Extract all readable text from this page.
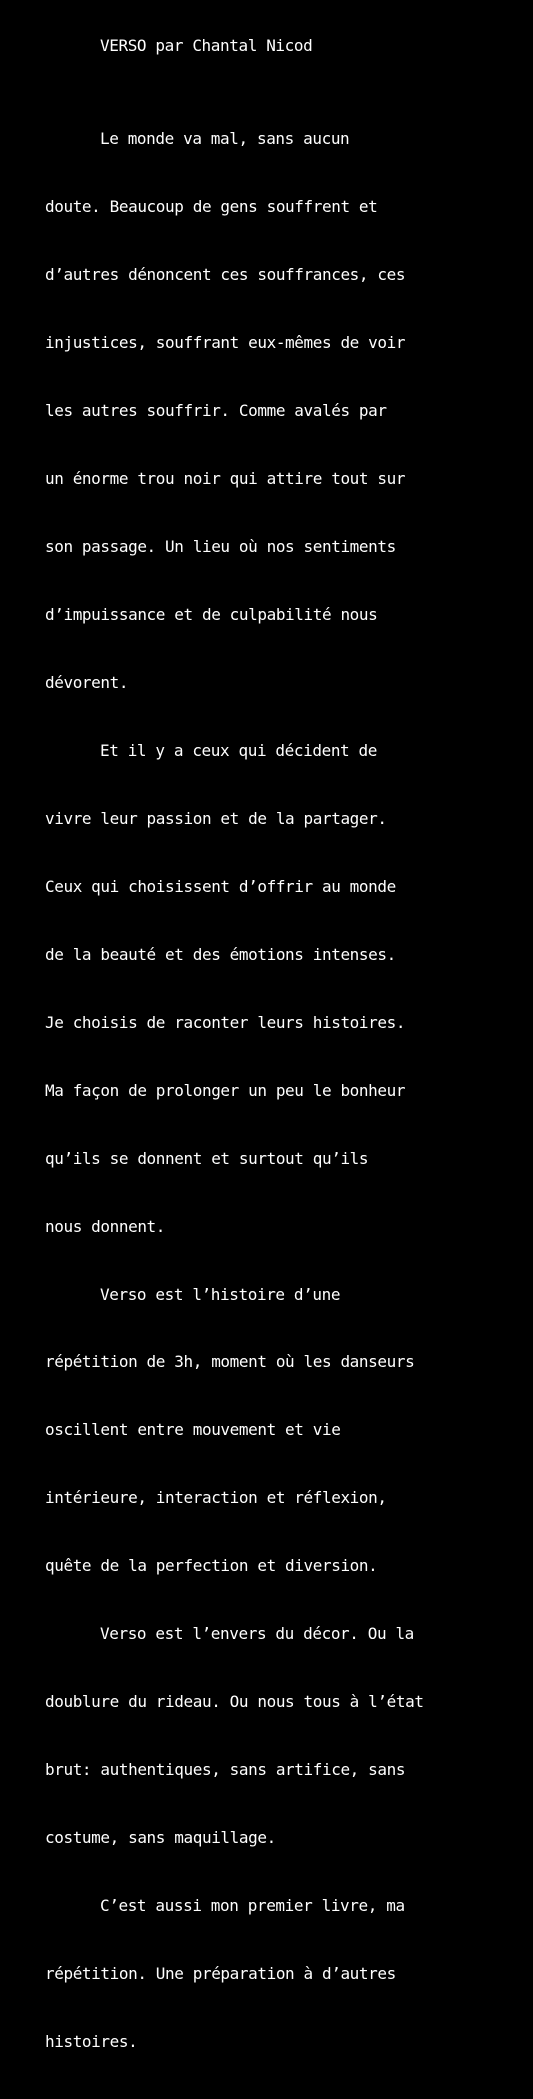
VERSO par Chantal Nicod

Le monde va mal, sans aucun

doute. Beaucoup de gens souffrent et

d’autres dénoncent ces souffrances, ces

injustices, souffrant eux-mêmes de voir

les autres souffrir. Comme avalés par

un énorme trou noir qui attire tout sur

son passage. Un lieu où nos sentiments

d’impuissance et de culpabilité nous

dévorent.

Et il y a ceux qui décident de

vivre leur passion et de la partager.

Ceux qui choisissent d’offrir au monde

de la beauté et des émotions intenses.

Je choisis de raconter leurs histoires.

Ma façon de prolonger un peu le bonheur

qu’ils se donnent et surtout qu’ils

nous donnent.

Verso est l’histoire d’une

répétition de 3h, moment où les danseurs

oscillent entre mouvement et vie

intérieure, interaction et réflexion,

quête de la perfection et diversion.

Verso est l’envers du décor. Ou la

doublure du rideau. Ou nous tous à l’état

brut: authentiques, sans artifice, sans

costume, sans maquillage.

C’est aussi mon premier livre, ma

répétition. Une préparation à d’autres

histoires.
